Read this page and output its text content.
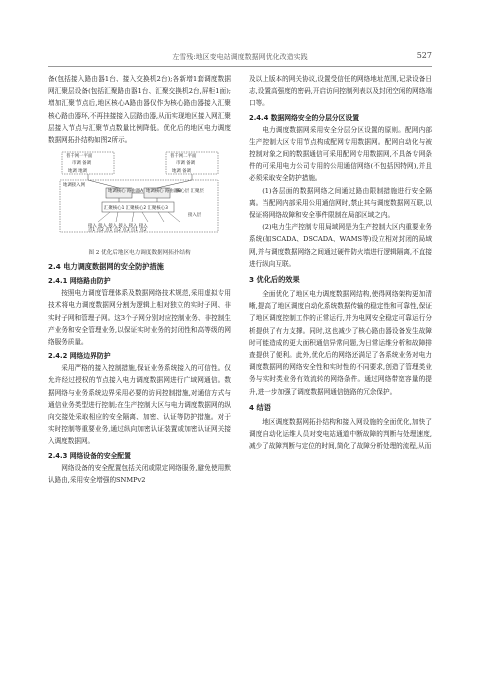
左雪残:地区变电站调度数据网优化改造实践	527

备(包括接入路由器1台、接入交换机2台);各新增1套调度数据网汇聚层设备(包括汇聚路由器1台、汇聚交换机2台,屏柜1面);增加汇聚节点后,地区核心A路由器仅作为核心路由器接入汇聚核心路由器环,不再挂接接入层路由器,从而实现地区接入网汇聚层接入节点与汇聚节点数量比例降低。优化后的地区电力调度数据网拓扑结构如图2所示。

普千网一平面	普千网二平面
市调 备调	市调 备调
地调 地调	地调 备调
地调接入网
地调核心 路由器A 地调核心 路由器B
核心层 汇聚层
汇聚核心1 汇聚核心2 汇聚核心3
接入层
接入 接入 接入 接入 接入 接入
点1 点2 点1 点2 点3 点1 点2

图 2 优化后地区电力调度数据网拓扑结构

2.4 电力调度数据网的安全防护措施

2.4.1 网络路由防护

按照电力调度管理体系及数据网络技术规范,采用虚拟专用技术将电力调度数据网分割为逻辑上相对独立的实时子网、非实时子网和管理子网。这3个子网分别对应控制业务、非控制生产业务和安全管理业务,以保证实时业务的封闭性和高等级的网络服务质量。

2.4.2 网络边界防护

采用严格的接入控制措施,保证业务系统接入的可信性。仅允许经过授权的节点接入电力调度数据网进行广域网通信。数据网络与业务系统边界采用必要的访问控制措施,对通信方式与通信业务类型进行控制;在生产控制大区与电力调度数据网的纵向交接处采取相应的安全隔离、加密、认证等防护措施。对于实时控制等重要业务,通过纵向加密认证装置或加密认证网关接入调度数据网。

2.4.3 网络设备的安全配置

网络设备的安全配置包括关闭或限定网络服务,避免使用默认路由,采用安全增强的SNMPv2

及以上版本的网关协议,设置受信任的网络地址范围,记录设备日志,设置高强度的密码,开启访问控制列表以及封闭空闲的网络端口等。

2.4.4 数据网络安全的分层分区设置

电力调度数据网采用安全分层分区设置的原则。配网内部生产控制大区专用节点构成配网专用数据网。配网自动化与被控制对象之间的数据通信可采用配网专用数据网,不具备专网条件的可采用电力公司专用的公用通信网络(不包括因特网),并且必须采取安全防护措施。

(1)各层面的数据网络之间通过路由限制措施进行安全隔离。当配网内部采用公用通信网时,禁止其与调度数据网互联,以保证将网络故障和安全事件限制在局部区域之内。

(2)电力生产控制专用局域网是为生产控制大区内重要业务系统(如SCADA、DSCADA、WAMS等)设立相对封闭的局域网,并与调度数据网络之间通过硬件防火墙进行逻辑隔离,不直接进行纵向互联。

3 优化后的效果

全面优化了地区电力调度数据网结构,使得网络架构更加清晰,提高了地区调度自动化系统数据传输的稳定性和可靠性,保证了地区调度控制工作的正常运行,并为电网安全稳定可靠运行分析提供了有力支撑。同时,这也减少了核心路由器设备发生故障时可能造成的更大面积通信异常问题,为日常运维分析和故障排查提供了便利。此外,优化后的网络还满足了各系统业务对电力调度数据网的网络安全性和实时性的不同要求,创造了管理类业务与实时类业务有效流转的网络条件。通过网络带宽容量的提升,进一步加强了调度数据网通信链路的冗余保护。

4 结语

地区调度数据网拓扑结构和接入网设施的全面优化,加快了调度自动化运维人员对变电站通道中断故障的判断与处理速度,减少了故障判断与定位的时间,简化了故障分析处理的流程,从而
